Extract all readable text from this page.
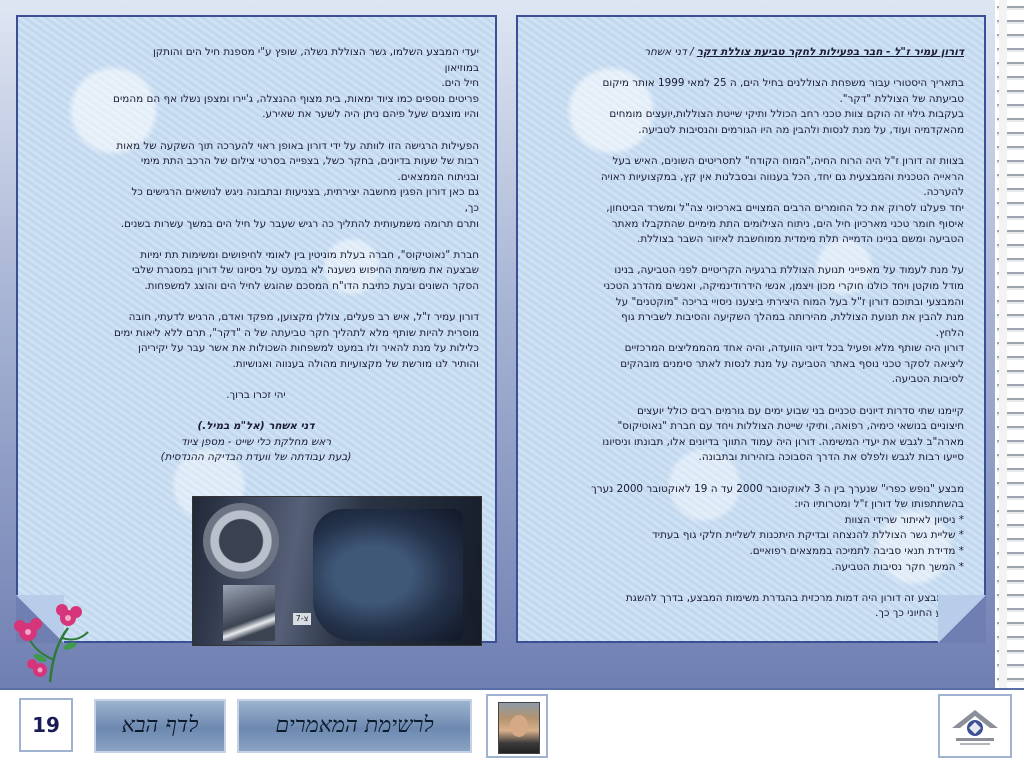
יעדי המבצע השלמו, גשר הצוללת נשלה, שופץ ע"י מספנת חיל הים והותקן
במוזיאון
חיל הים.
פריטים נוספים כמו ציוד ימאות, בית מצוף ההנצלה, ג'יירו ומצפן נשלו אף הם מהמים
והיו מוצגים שעל פיהם ניתן היה לשער את שאירע.
הפעילות הרגישה הזו לוותה על ידי דורון באופן ראוי להערכה תוך השקעה של מאות
רבות של שעות בדיונים, בחקר כשל, בצפייה בסרטי צילום של הרכב התת מימי
ובניתוח הממצאים.
גם כאן דורון הפגין מחשבה יצירתית, בצניעות ובתבונה ניגש לנושאים הרגישים כל
כך,
ותרם תרומה משמעותית להתליך כה רגיש שעבר על חיל הים במשך עשרות בשנים.
חברת "נאוטיקוס", חברה בעלת מוניטין בין לאומי לחיפושים ומשימות תת ימיות
שבצעה את משימת החיפוש נשענה לא במעט על ניסיונו של דורון במסגרת שלבי
הסקר השונים ובעת כתיבת הדו"ח המסכם שהוגש לחיל הים והוצג למשפחות.
דורון עמיר ז"ל, איש רב פעלים, צוללן מקצוען, מפקד ואדם, הרגיש לדעתי, חובה
מוסרית להיות שותף מלא לתהליך חקר טביעתה של ה "דקר", תרם ללא ליאות ימים
כלילות על מנת להאיר ולו במעט למשפחות השכולות את אשר עבר על יקיריהן
והותיר לנו מורשת של מקצועיות מהולה בענווה ואנושיות.
יהי זכרו ברוך.
דני אשחר (אל"מ במיל.)
ראש מחלקת כלי שייט - מספן ציוד
(בעת עבודתה של וועדת הבדיקה ההנדסית)
צ-7
דורון עמיר ז"ל - חבר בפעילות לחקר טביעת צוללת דקר / דני אשחר
בתאריך היסטורי עבור משפחת הצוללנים בחיל הים, ה 25 למאי 1999 אותר מיקום
טביעתה של הצוללת "דקר".
בעקבות גילוי זה הוקם צוות טכני רחב הכולל ותיקי שייטת הצוללות,יועצים מומחים
מהאקדמיה ועוד, על מנת לנסות ולהבין מה היו הגורמים והנסיבות לטביעה.
בצוות זה דורון ז"ל היה הרוח החיה,"המוח הקודח" לתסריטים השונים, האיש בעל
הראייה הטכנית והמבצעית גם יחד, הכל בענווה ובסבלנות אין קץ, במקצועיות ראויה
להערכה.
יחד פעלנו לסרוק את כל החומרים הרבים המצויים בארכיוני צה"ל ומשרד הביטחון,
איסוף חומר טכני מארכיון חיל הים, ניתוח הצילומים התת מימיים שהתקבלו מאתר
הטביעה ומשם בניינו הדמייה תלת מימדית ממוחשבת לאיזור השבר בצוללת.
על מנת לעמוד על מאפייני תנועת הצוללת ברגעיה הקריטיים לפני הטביעה, בנינו
מודל מוקטן ויחד כולנו חוקרי מכון ויצמן, אנשי הידרודינמיקה, ואנשים מהדרג הטכני
והמבצעי ובתוכם דורון ז"ל בעל המוח היצירתי ביצענו ניסויי בריכה "מוקטנים" על
מנת להבין את תנועת הצוללת, מהירותה במהלך השקיעה והסיבות לשבירת גוף
הלחץ.
דורון היה שותף מלא ופעיל בכל דיוני הוועדה, והיה אחד מהממליצים המרכזיים
ליציאה לסקר טכני נוסף באתר הטביעה על מנת לנסות לאתר סימנים מובהקים
לסיבות הטביעה.
קיימנו שתי סדרות דיונים טכניים בני שבוע ימים עם גורמים רבים כולל יועצים
חיצוניים בנושאי כימיה, רפואה, ותיקי שייטת הצוללות ויחד עם חברת "נאוטיקוס"
מארה"ב לגבש את יעדי המשימה. דורון היה עמוד התווך בדיונים אלו, תבונתו וניסיונו
סייעו רבות לגבש ולפלס את הדרך הסבוכה בזהירות ובתבונה.
מבצע "נופש כפרי" שנערך בין ה 3 לאוקטובר 2000 עד ה 19 לאוקטובר 2000 נערך
בהשתתפותו של דורון ז"ל ומטרותיו היו:
* ניסיון לאיתור שרידי הצוות
* שליית גשר הצוללת להנצחה ובדיקת היתכנות לשליית חלקי גוף בעתיד
* מדידת תנאי סביבה לתמיכה בממצאים רפואיים.
* המשך חקר נסיבות הטביעה.
גם במבצע זה דורון היה דמות מרכזית בהגדרת משימות המבצע, בדרך להשגת
המידע החיוני כך כך.
19	לדף הבא	לרשימת המאמרים
